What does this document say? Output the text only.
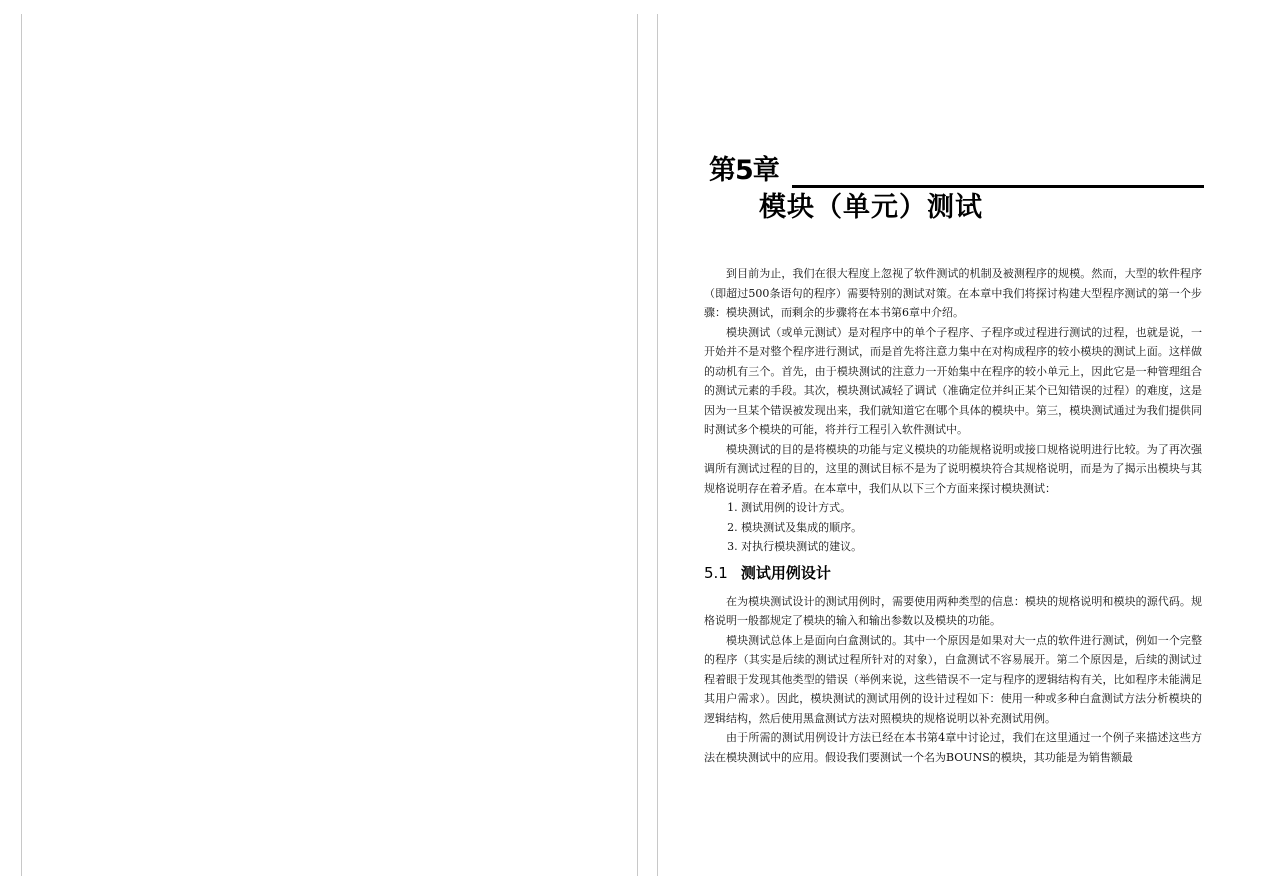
第5章
模块（单元）测试

到目前为止，我们在很大程度上忽视了软件测试的机制及被测程序的规模。然而，大型的软件程序（即超过500条语句的程序）需要特别的测试对策。在本章中我们将探讨构建大型程序测试的第一个步骤：模块测试，而剩余的步骤将在本书第6章中介绍。

模块测试（或单元测试）是对程序中的单个子程序、子程序或过程进行测试的过程，也就是说，一开始并不是对整个程序进行测试，而是首先将注意力集中在对构成程序的较小模块的测试上面。这样做的动机有三个。首先，由于模块测试的注意力一开始集中在程序的较小单元上，因此它是一种管理组合的测试元素的手段。其次，模块测试减轻了调试（准确定位并纠正某个已知错误的过程）的难度，这是因为一旦某个错误被发现出来，我们就知道它在哪个具体的模块中。第三，模块测试通过为我们提供同时测试多个模块的可能，将并行工程引入软件测试中。

模块测试的目的是将模块的功能与定义模块的功能规格说明或接口规格说明进行比较。为了再次强调所有测试过程的目的，这里的测试目标不是为了说明模块符合其规格说明，而是为了揭示出模块与其规格说明存在着矛盾。在本章中，我们从以下三个方面来探讨模块测试：

1. 测试用例的设计方式。

2. 模块测试及集成的顺序。

3. 对执行模块测试的建议。

5.1 测试用例设计

在为模块测试设计的测试用例时，需要使用两种类型的信息：模块的规格说明和模块的源代码。规格说明一般都规定了模块的输入和输出参数以及模块的功能。

模块测试总体上是面向白盒测试的。其中一个原因是如果对大一点的软件进行测试，例如一个完整的程序（其实是后续的测试过程所针对的对象），白盒测试不容易展开。第二个原因是，后续的测试过程着眼于发现其他类型的错误（举例来说，这些错误不一定与程序的逻辑结构有关，比如程序未能满足其用户需求）。因此，模块测试的测试用例的设计过程如下：使用一种或多种白盒测试方法分析模块的逻辑结构，然后使用黑盒测试方法对照模块的规格说明以补充测试用例。

由于所需的测试用例设计方法已经在本书第4章中讨论过，我们在这里通过一个例子来描述这些方法在模块测试中的应用。假设我们要测试一个名为BOUNS的模块，其功能是为销售额最
